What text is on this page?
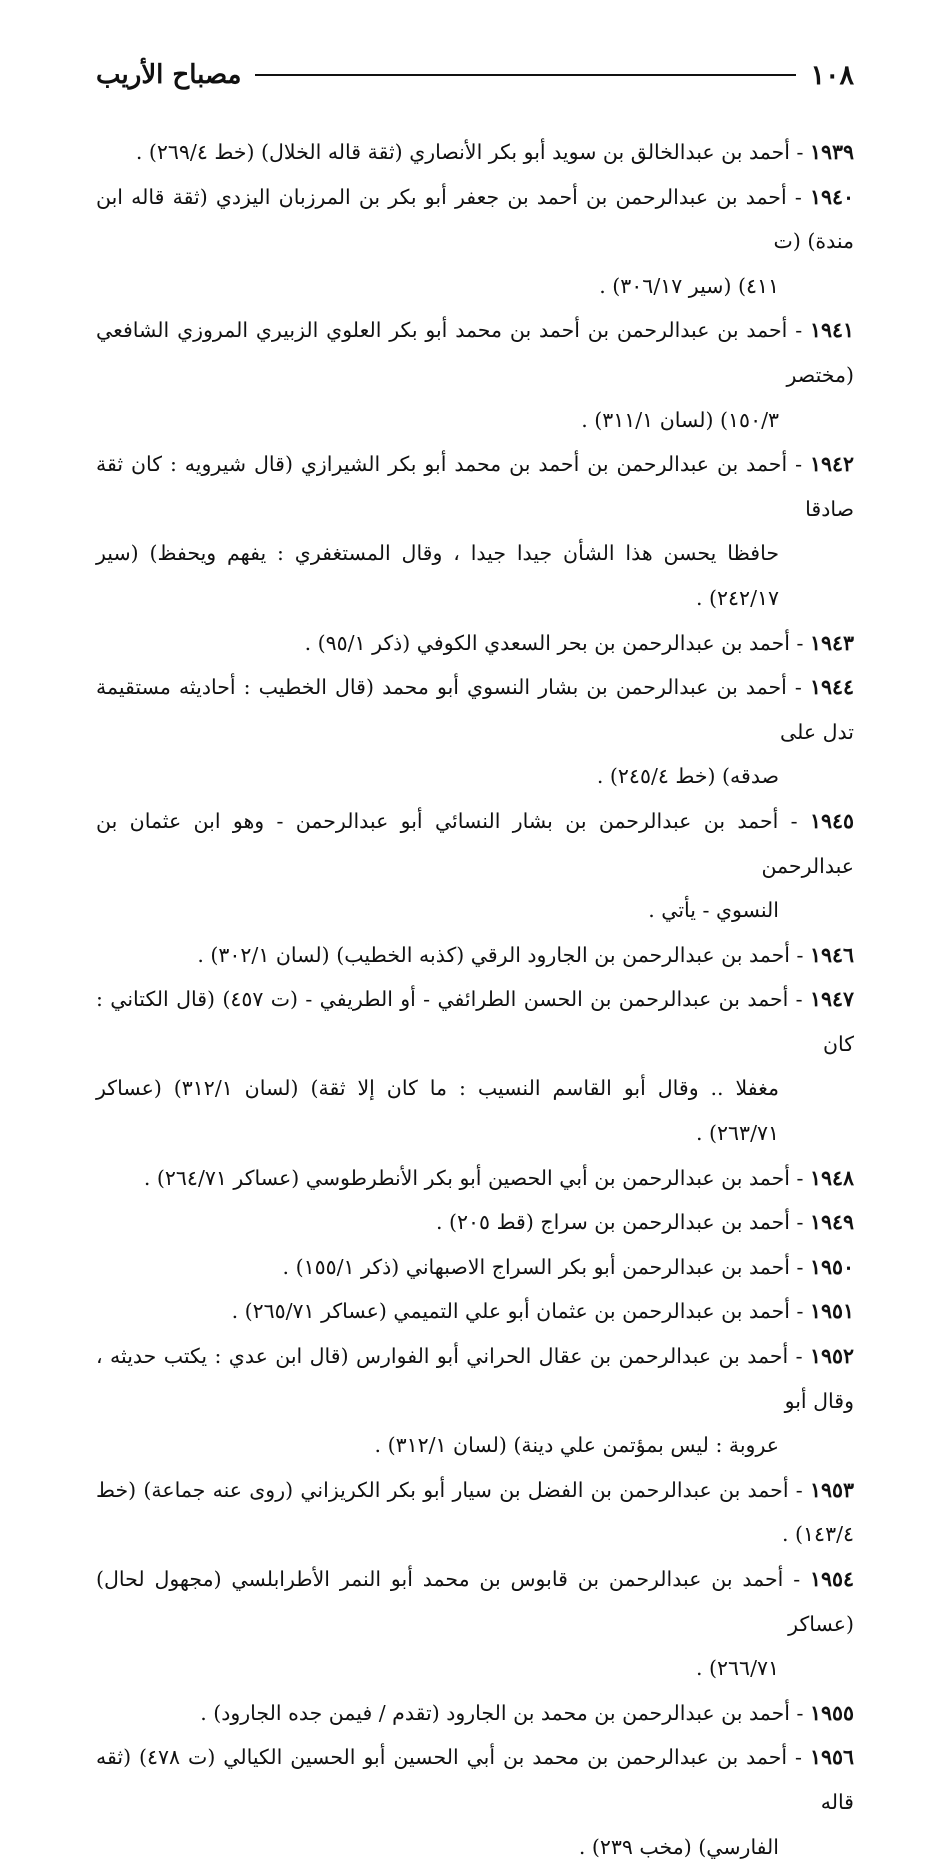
١٠٨
مصباح الأريب

١٩٣٩ - أحمد بن عبدالخالق بن سويد أبو بكر الأنصاري (ثقة قاله الخلال) (خط ٢٦٩/٤) .

١٩٤٠ - أحمد بن عبدالرحمن بن أحمد بن جعفر أبو بكر بن المرزبان اليزدي (ثقة قاله ابن مندة) (ت
٤١١) (سير ٣٠٦/١٧) .

١٩٤١ - أحمد بن عبدالرحمن بن أحمد بن محمد أبو بكر العلوي الزبيري المروزي الشافعي (مختصر
١٥٠/٣) (لسان ٣١١/١) .

١٩٤٢ - أحمد بن عبدالرحمن بن أحمد بن محمد أبو بكر الشيرازي (قال شيرويه : كان ثقة صادقا
حافظا يحسن هذا الشأن جيدا جيدا ، وقال المستغفري : يفهم ويحفظ) (سير ٢٤٢/١٧) .

١٩٤٣ - أحمد بن عبدالرحمن بن بحر السعدي الكوفي (ذكر ٩٥/١) .

١٩٤٤ - أحمد بن عبدالرحمن بن بشار النسوي أبو محمد (قال الخطيب : أحاديثه مستقيمة تدل على
صدقه) (خط ٢٤٥/٤) .

١٩٤٥ - أحمد بن عبدالرحمن بن بشار النسائي أبو عبدالرحمن - وهو ابن عثمان بن عبدالرحمن
النسوي - يأتي .

١٩٤٦ - أحمد بن عبدالرحمن بن الجارود الرقي (كذبه الخطيب) (لسان ٣٠٢/١) .

١٩٤٧ - أحمد بن عبدالرحمن بن الحسن الطرائفي - أو الطريفي - (ت ٤٥٧) (قال الكتاني : كان
مغفلا .. وقال أبو القاسم النسيب : ما كان إلا ثقة) (لسان ٣١٢/١) (عساكر ٢٦٣/٧١) .

١٩٤٨ - أحمد بن عبدالرحمن بن أبي الحصين أبو بكر الأنطرطوسي (عساكر ٢٦٤/٧١) .

١٩٤٩ - أحمد بن عبدالرحمن بن سراج (قط ٢٠٥) .

١٩٥٠ - أحمد بن عبدالرحمن أبو بكر السراج الاصبهاني (ذكر ١٥٥/١) .

١٩٥١ - أحمد بن عبدالرحمن بن عثمان أبو علي التميمي (عساكر ٢٦٥/٧١) .

١٩٥٢ - أحمد بن عبدالرحمن بن عقال الحراني أبو الفوارس (قال ابن عدي : يكتب حديثه ، وقال أبو
عروبة : ليس بمؤتمن علي دينة) (لسان ٣١٢/١) .

١٩٥٣ - أحمد بن عبدالرحمن بن الفضل بن سيار أبو بكر الكريزاني (روى عنه جماعة) (خط ١٤٣/٤) .

١٩٥٤ - أحمد بن عبدالرحمن بن قابوس بن محمد أبو النمر الأطرابلسي (مجهول لحال) (عساكر
٢٦٦/٧١) .

١٩٥٥ - أحمد بن عبدالرحمن بن محمد بن الجارود (تقدم / فيمن جده الجارود) .

١٩٥٦ - أحمد بن عبدالرحمن بن محمد بن أبي الحسين أبو الحسين الكيالي (ت ٤٧٨) (ثقه قاله
الفارسي) (مخب ٢٣٩) .
